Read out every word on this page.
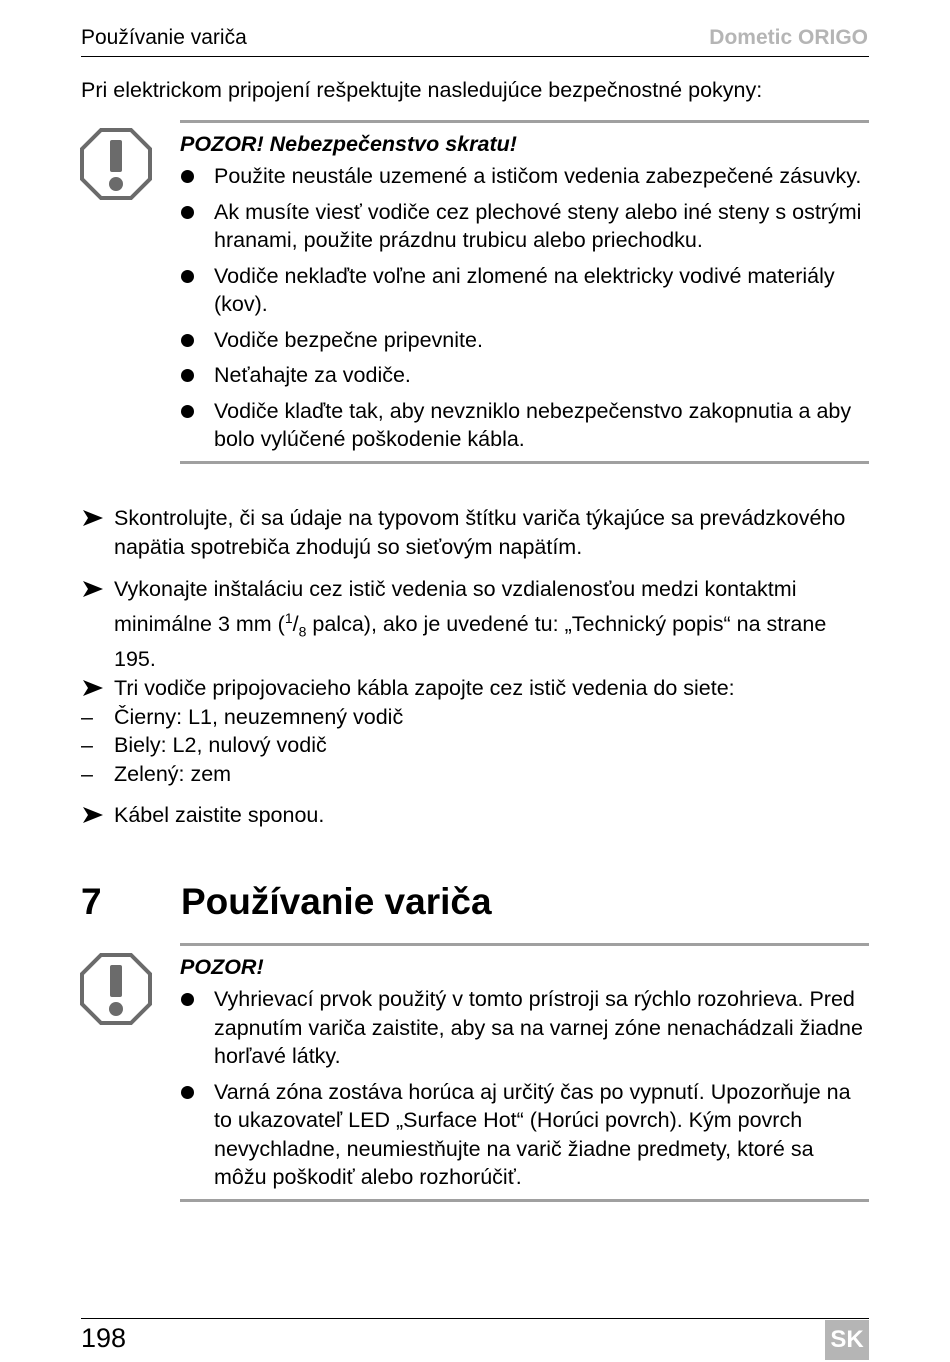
Používanie variča	Dometic ORIGO
Pri elektrickom pripojení rešpektujte nasledujúce bezpečnostné pokyny:
POZOR! Nebezpečenstvo skratu!
Použite neustále uzemené a ističom vedenia zabezpečené zásuvky.
Ak musíte viesť vodiče cez plechové steny alebo iné steny s ostrými hranami, použite prázdnu trubicu alebo priechodku.
Vodiče neklaďte voľne ani zlomené na elektricky vodivé materiály (kov).
Vodiče bezpečne pripevnite.
Neťahajte za vodiče.
Vodiče klaďte tak, aby nevzniklo nebezpečenstvo zakopnutia a aby bolo vylúčené poškodenie kábla.
Skontrolujte, či sa údaje na typovom štítku variča týkajúce sa prevádzkového napätia spotrebiča zhodujú so sieťovým napätím.
Vykonajte inštaláciu cez istič vedenia so vzdialenosťou medzi kontaktmi minimálne 3 mm ($^1/_8$ palca), ako je uvedené tu: „Technický popis“ na strane 195.
Tri vodiče pripojovacieho kábla zapojte cez istič vedenia do siete:
– Čierny: L1, neuzemnený vodič
– Biely: L2, nulový vodič
– Zelený: zem
Kábel zaistite sponou.
7 Používanie variča
POZOR!
Vyhrievací prvok použitý v tomto prístroji sa rýchlo rozohrieva. Pred zapnutím variča zaistite, aby sa na varnej zóne nenachádzali žiadne horľavé látky.
Varná zóna zostáva horúca aj určitý čas po vypnutí. Upozorňuje na to ukazovateľ LED „Surface Hot“ (Horúci povrch). Kým povrch nevychladne, neumiestňujte na varič žiadne predmety, ktoré sa môžu poškodiť alebo rozhorúčiť.
198	SK
